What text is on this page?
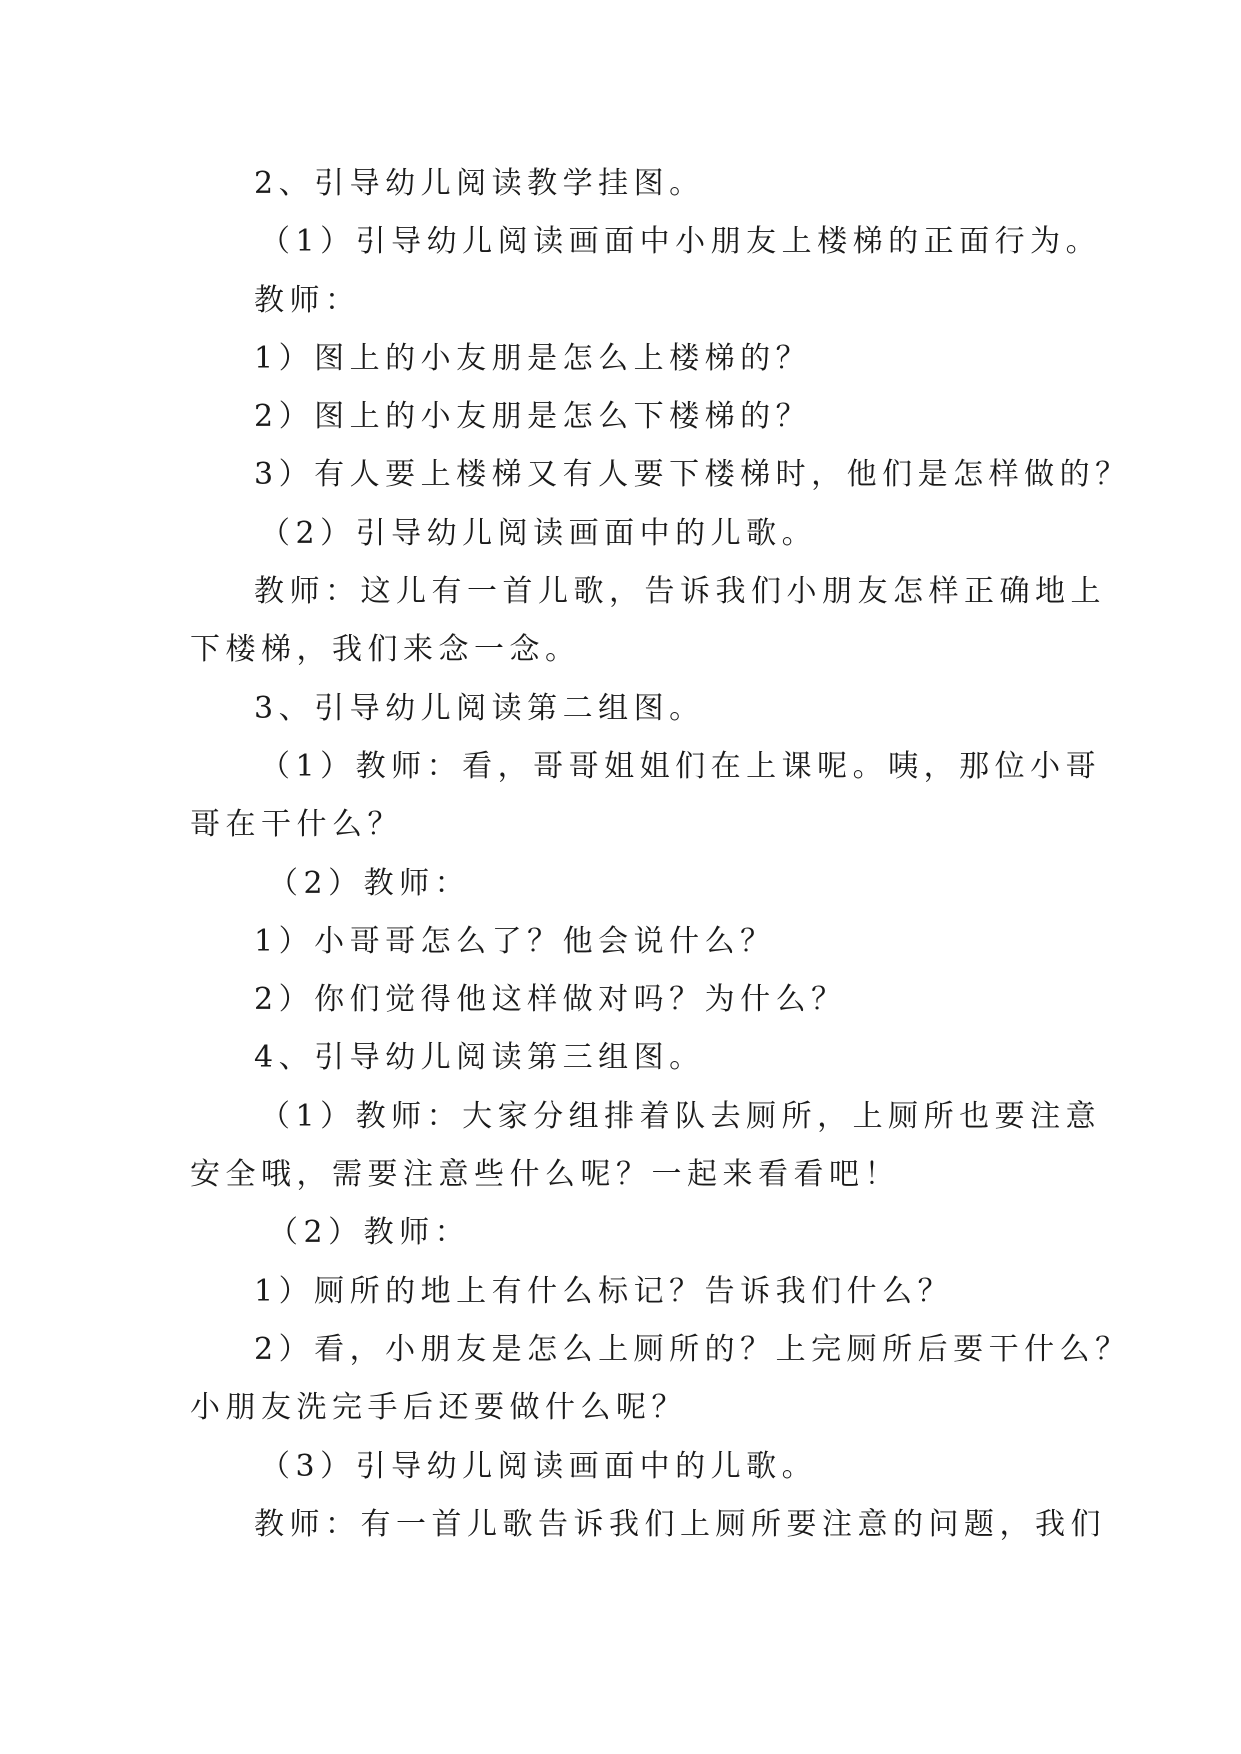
2、引导幼儿阅读教学挂图。
（1）引导幼儿阅读画面中小朋友上楼梯的正面行为。
教师：
1）图上的小友朋是怎么上楼梯的？
2）图上的小友朋是怎么下楼梯的？
3）有人要上楼梯又有人要下楼梯时，他们是怎样做的？
（2）引导幼儿阅读画面中的儿歌。
教师：这儿有一首儿歌，告诉我们小朋友怎样正确地上
下楼梯，我们来念一念。
3、引导幼儿阅读第二组图。
（1）教师：看，哥哥姐姐们在上课呢。咦，那位小哥
哥在干什么？
（2）教师：
1）小哥哥怎么了？他会说什么？
2）你们觉得他这样做对吗？为什么？
4、引导幼儿阅读第三组图。
（1）教师：大家分组排着队去厕所，上厕所也要注意
安全哦，需要注意些什么呢？一起来看看吧！
（2）教师：
1）厕所的地上有什么标记？告诉我们什么？
2）看，小朋友是怎么上厕所的？上完厕所后要干什么？
小朋友洗完手后还要做什么呢？
（3）引导幼儿阅读画面中的儿歌。
教师：有一首儿歌告诉我们上厕所要注意的问题，我们
